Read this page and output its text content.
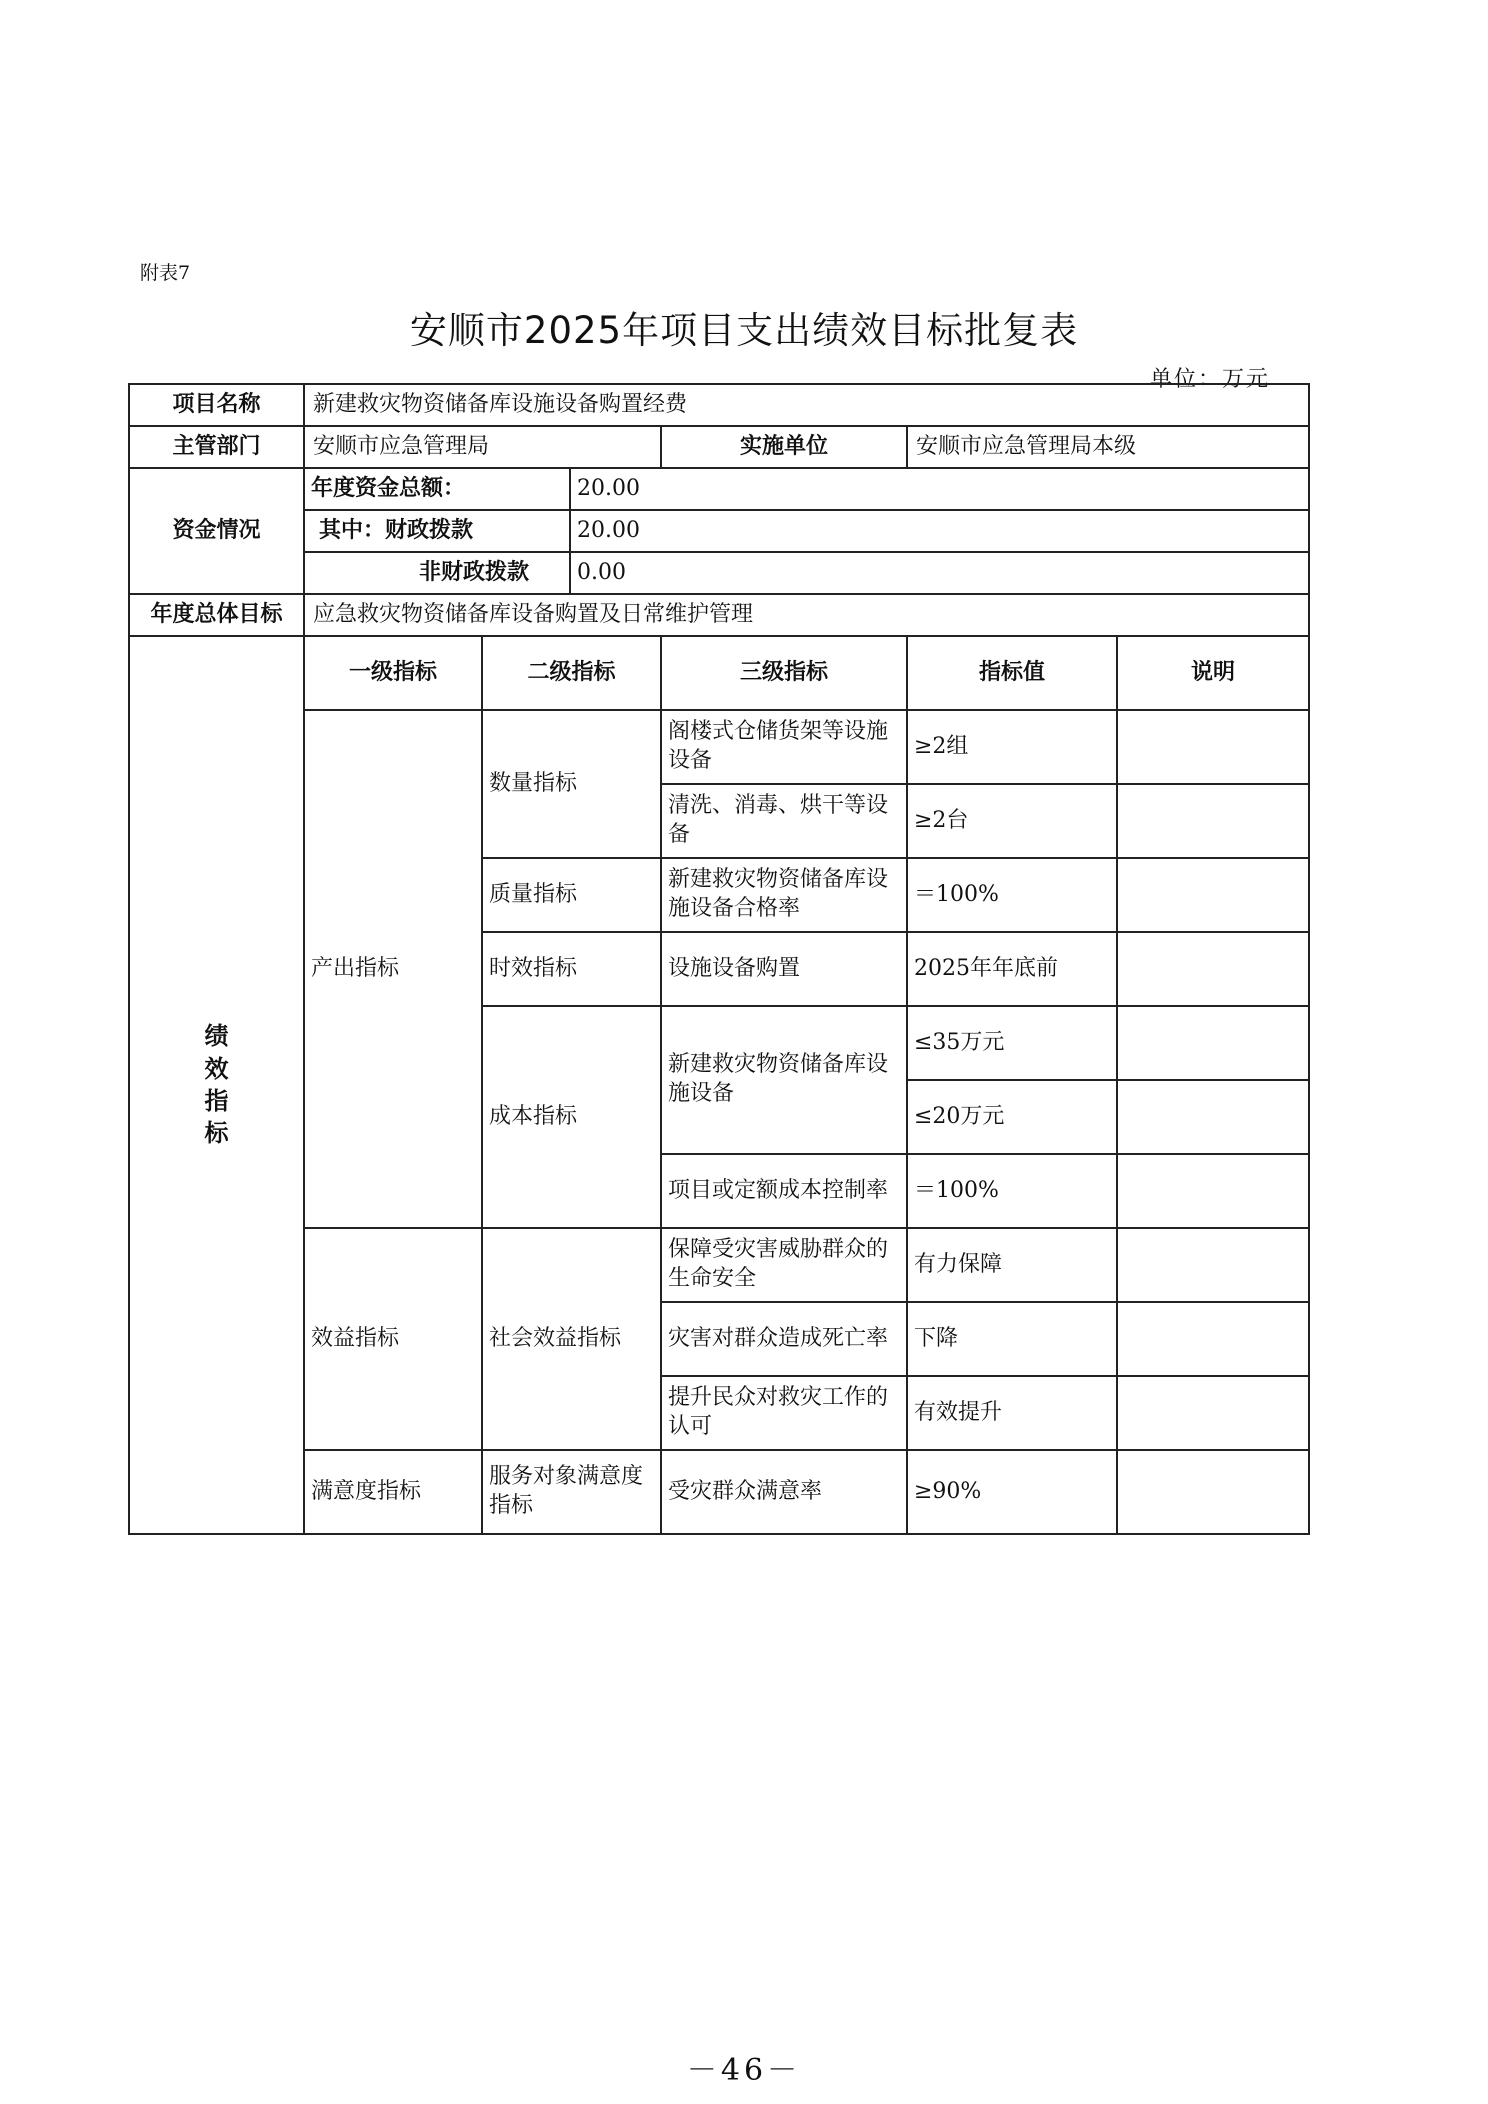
附表7
安顺市2025年项目支出绩效目标批复表
单位：万元
项目名称	新建救灾物资储备库设施设备购置经费					
主管部门	安顺市应急管理局			实施单位	安顺市应急管理局本级	
资金情况	年度资金总额：		20.00			
	其中：财政拨款		20.00			
	非财政拨款		0.00			
年度总体目标	应急救灾物资储备库设备购置及日常维护管理					

绩效指标	一级指标	二级指标		三级指标	指标值	说明
	产出指标	数量指标		阁楼式仓储货架等设施设备	≥2组	
				清洗、消毒、烘干等设备	≥2台	
		质量指标		新建救灾物资储备库设施设备合格率	＝100%	
		时效指标		设施设备购置	2025年年底前	
		成本指标		新建救灾物资储备库设施设备	≤35万元	
					≤20万元	
				项目或定额成本控制率	＝100%	
	效益指标	社会效益指标		保障受灾害威胁群众的生命安全	有力保障	
				灾害对群众造成死亡率	下降	
				提升民众对救灾工作的认可	有效提升	
	满意度指标	服务对象满意度指标		受灾群众满意率	≥90%	
－46－
